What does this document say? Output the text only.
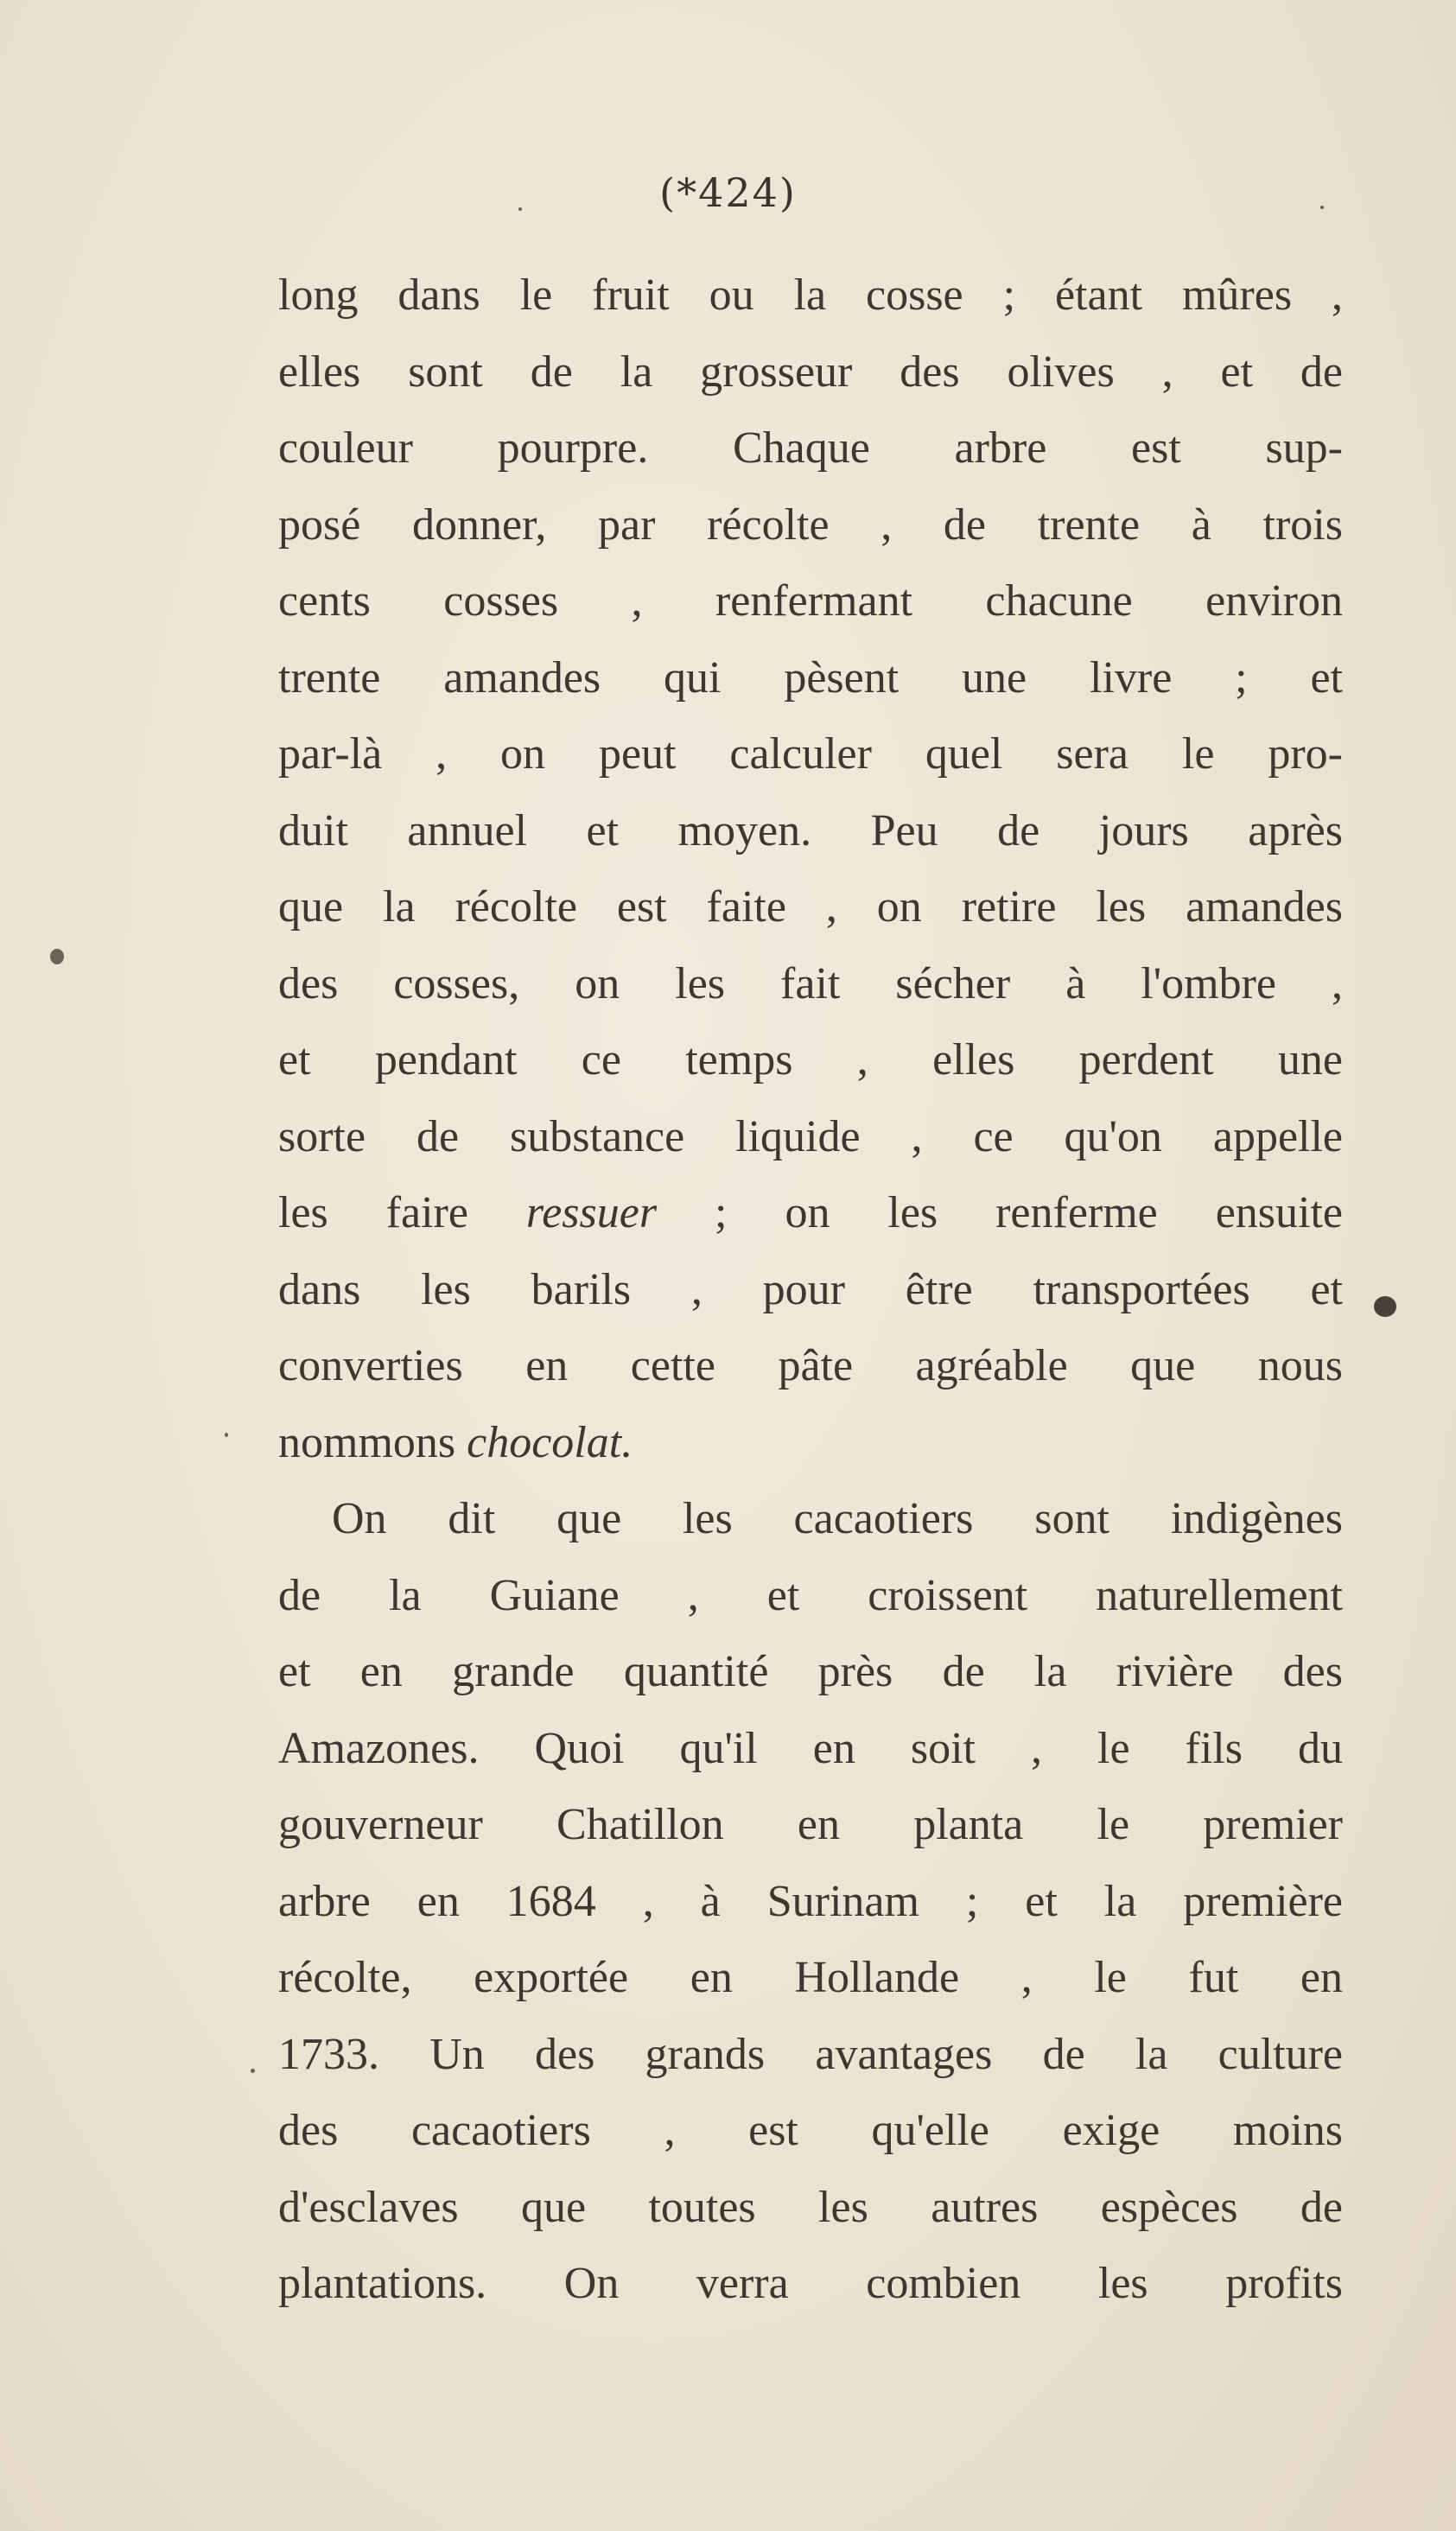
(*424)
long dans le fruit ou la cosse ; étant mûres ,
elles sont de la grosseur des olives , et de
couleur pourpre. Chaque arbre est sup-
posé donner, par récolte , de trente à trois
cents cosses , renfermant chacune environ
trente amandes qui pèsent une livre ; et
par-là , on peut calculer quel sera le pro-
duit annuel et moyen. Peu de jours après
que la récolte est faite , on retire les amandes
des cosses, on les fait sécher à l'ombre ,
et pendant ce temps , elles perdent une
sorte de substance liquide , ce qu'on appelle
les faire ressuer ; on les renferme ensuite
dans les barils , pour être transportées et
converties en cette pâte agréable que nous
nommons chocolat.
On dit que les cacaotiers sont indigènes
de la Guiane , et croissent naturellement
et en grande quantité près de la rivière des
Amazones. Quoi qu'il en soit , le fils du
gouverneur Chatillon en planta le premier
arbre en 1684 , à Surinam ; et la première
récolte, exportée en Hollande , le fut en
1733. Un des grands avantages de la culture
des cacaotiers , est qu'elle exige moins
d'esclaves que toutes les autres espèces de
plantations. On verra combien les profits
